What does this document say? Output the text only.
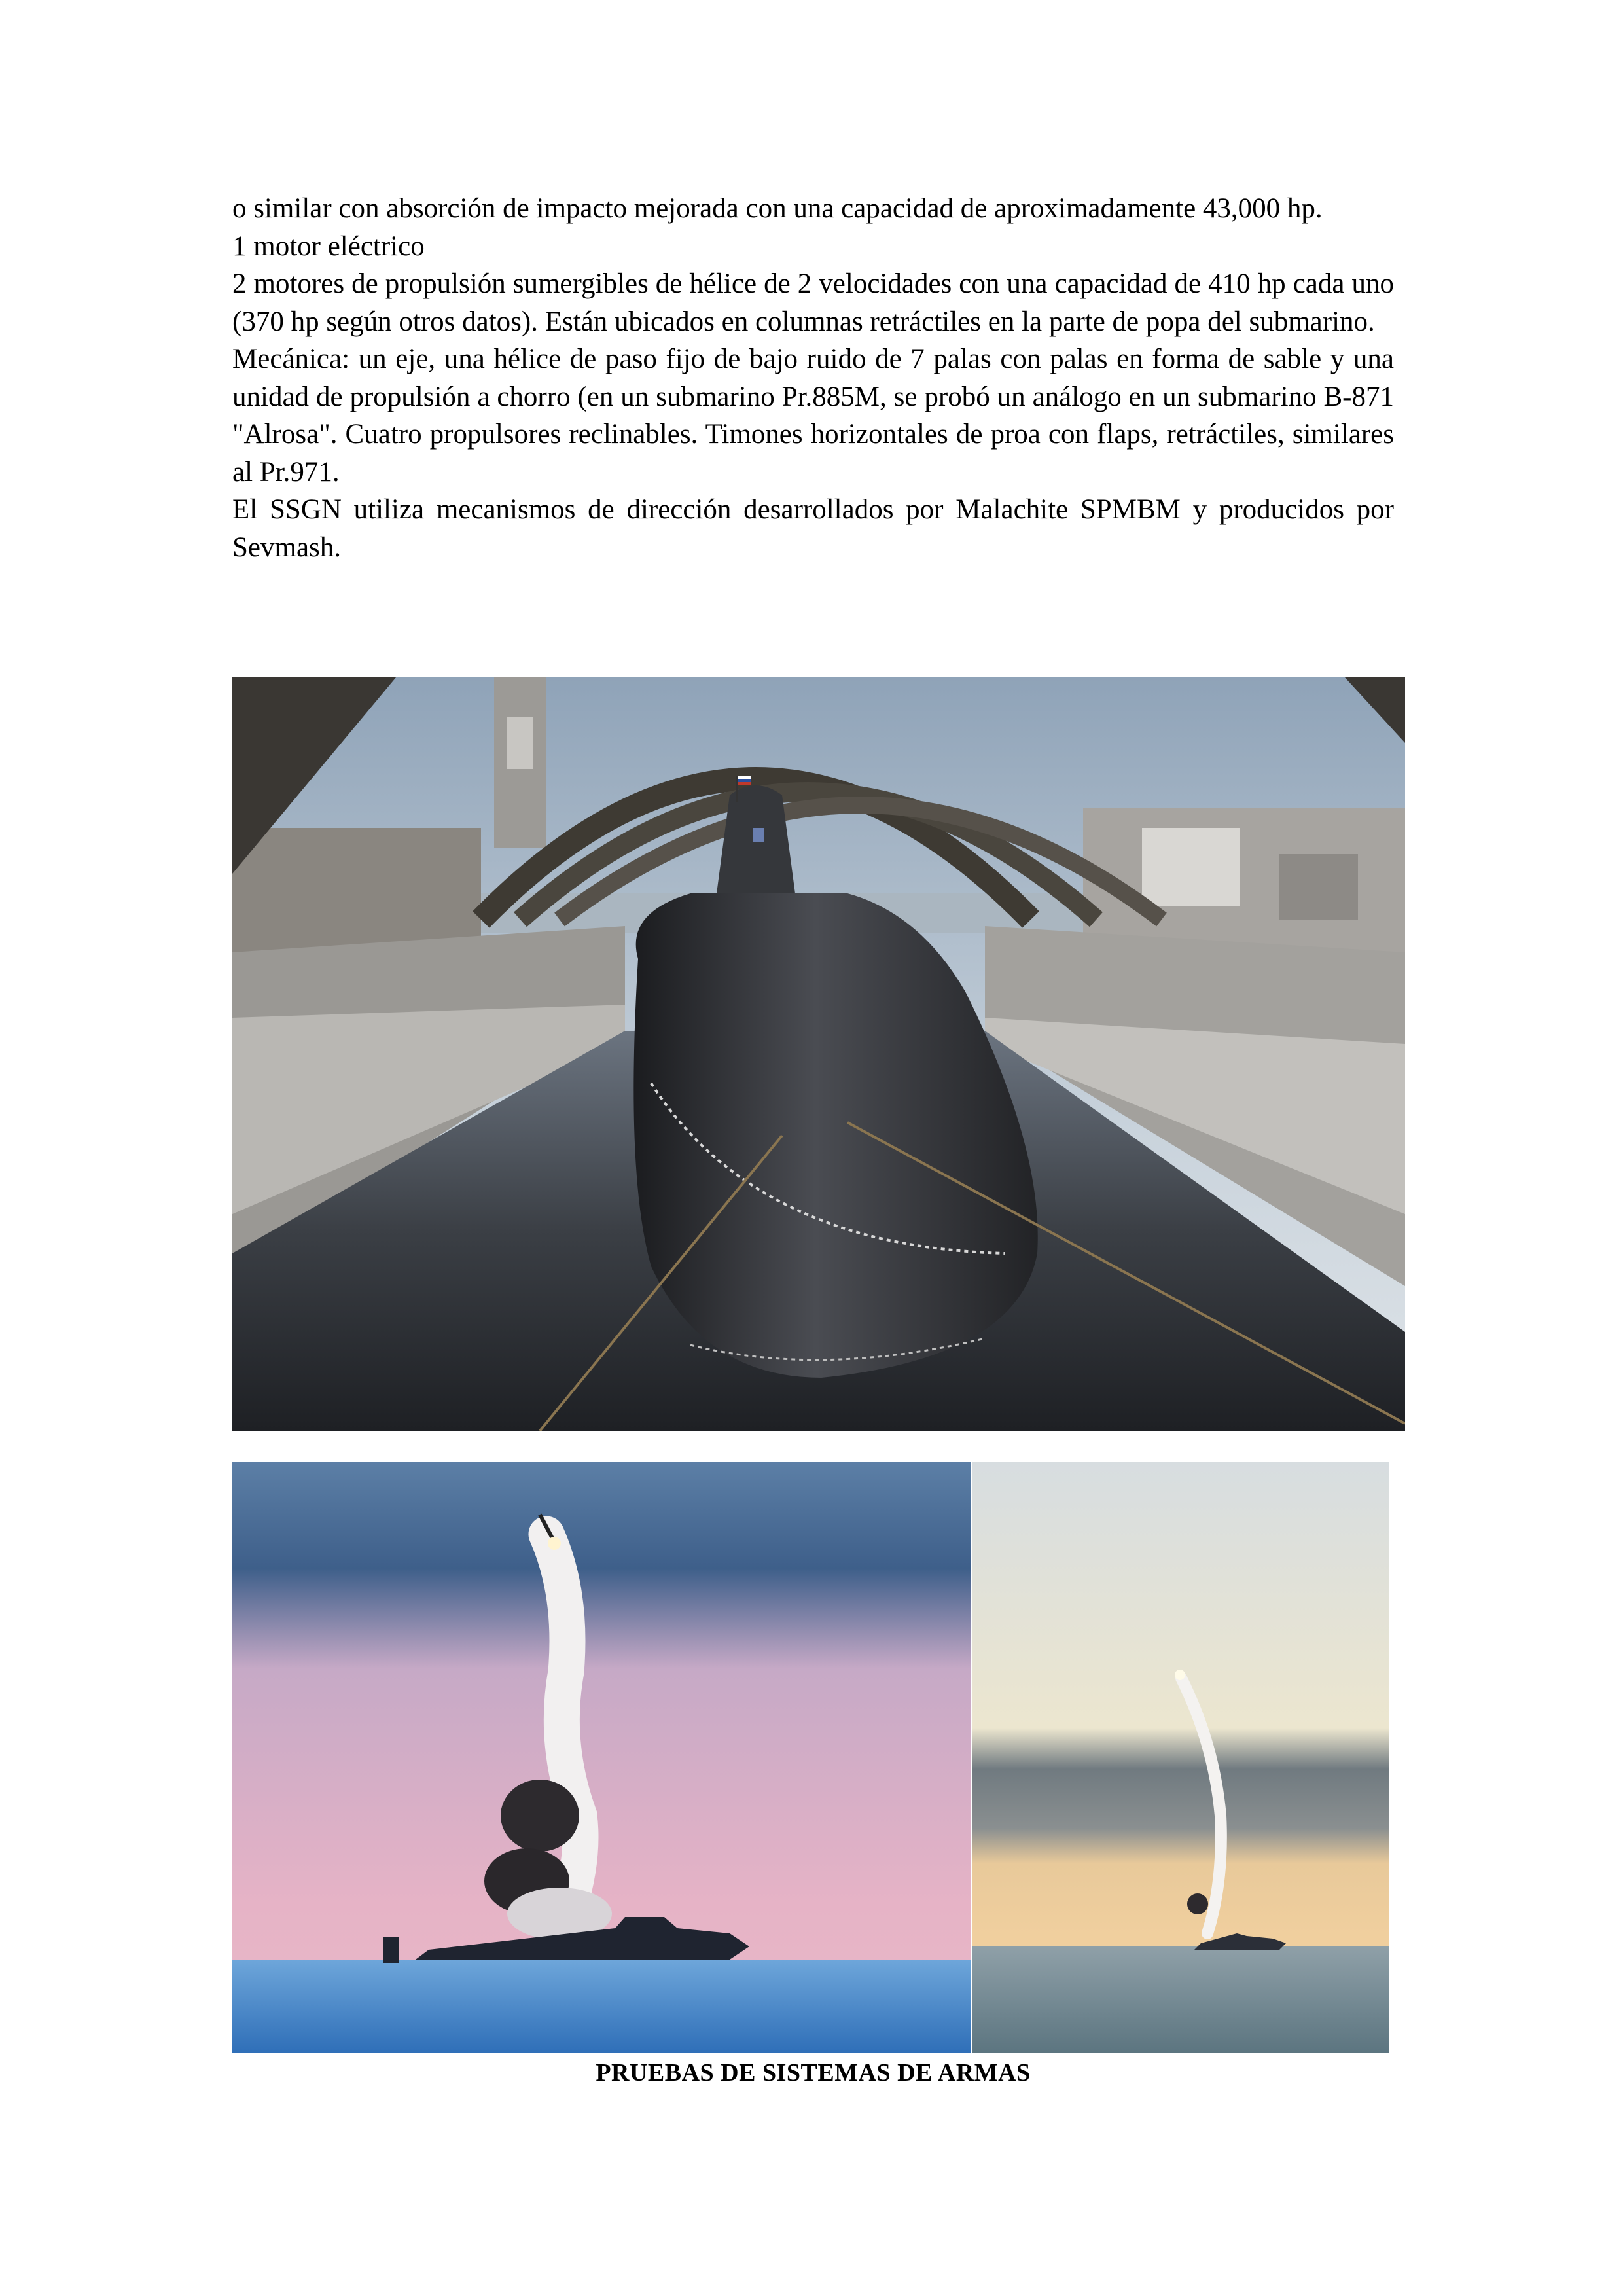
o similar con absorción de impacto mejorada con una capacidad de aproximadamente 43,000 hp.

1 motor eléctrico

2 motores de propulsión sumergibles de hélice de 2 velocidades con una capacidad de 410 hp cada uno (370 hp según otros datos). Están ubicados en columnas retráctiles en la parte de popa del submarino.

Mecánica: un eje, una hélice de paso fijo de bajo ruido de 7 palas con palas en forma de sable y una unidad de propulsión a chorro (en un submarino Pr.885M, se probó un análogo en un submarino B-871 "Alrosa". Cuatro propulsores reclinables. Timones horizontales de proa con flaps, retráctiles, similares al Pr.971.

El SSGN utiliza mecanismos de dirección desarrollados por Malachite SPMBM y producidos por Sevmash.

PRUEBAS DE SISTEMAS DE ARMAS
